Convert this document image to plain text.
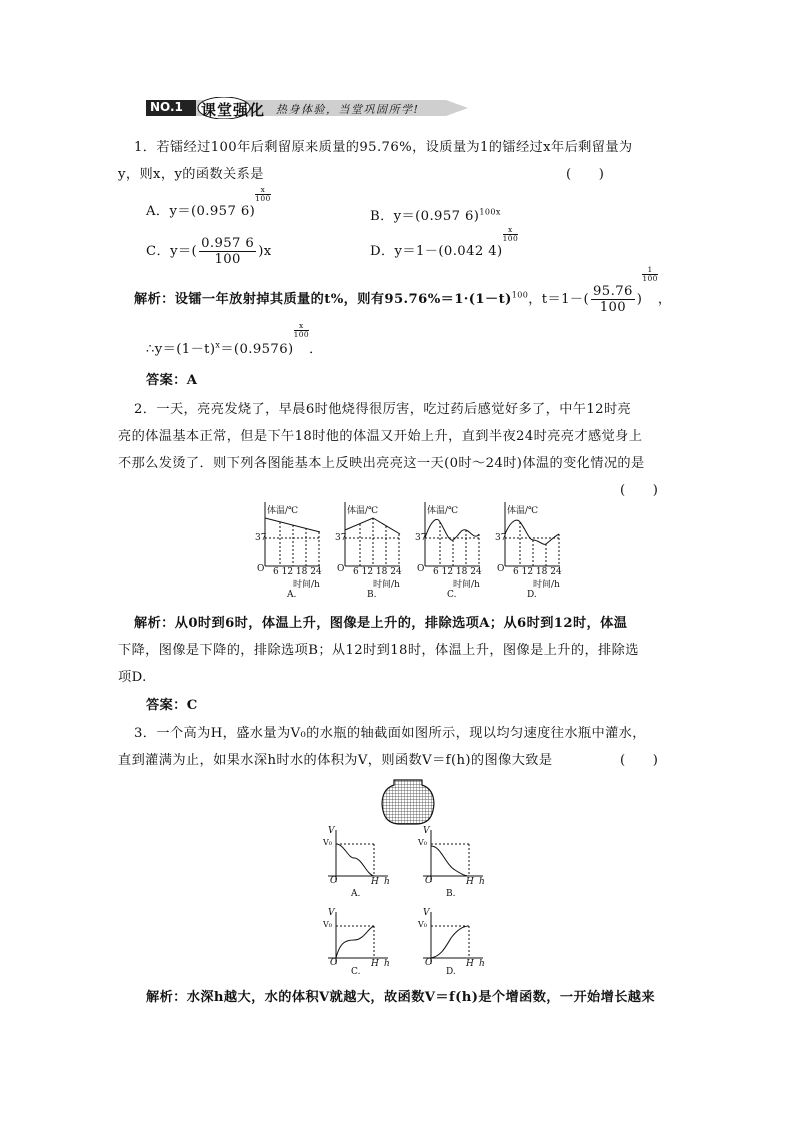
NO.1 课堂强化 热身体验，当堂巩固所学!
1．若镭经过100年后剩留原来质量的95.76%，设质量为1的镭经过x年后剩留量为
y，则x，y的函数关系是	(　　)
A．y＝(0.957 6)
$\frac{x}{100}$
B．y＝(0.957 6)$^{100x}$
C．$y=( \frac{0.957 6}{100} )x$	D．y＝1－(0.042 4)
$\frac{x}{100}$
解析：设镭一年放射掉其质量的t%，则有$95.76\%=1\cdot(1-t)^{100}$，$t=1-( \frac{95.76}{100}$ )
$\frac{1}{100}$
，
$\therefore y=(1-t)^x=(0.9576)$
$\frac{x}{100}$
．
答案：A
2．一天，亮亮发烧了，早晨6时他烧得很厉害，吃过药后感觉好多了，中午12时亮
亮的体温基本正常，但是下午18时他的体温又开始上升，直到半夜24时亮亮才感觉身上
不那么发烫了．则下列各图能基本上反映出亮亮这一天(0时～24时)体温的变化情况的是
(　　)
体温/℃
37
O 6 12 18 24
时间/h
A.
体温/℃
37
O 6 12 18 24
时间/h
B.
体温/℃
37
O 6 12 18 24
时间/h
C.
体温/℃
37
O 6 12 18 24
时间/h
D.
解析：从0时到6时，体温上升，图像是上升的，排除选项A；从6时到12时，体温
下降，图像是下降的，排除选项B；从12时到18时，体温上升，图像是上升的，排除选
项D.
答案：C
3．一个高为H，盛水量为V₀的水瓶的轴截面如图所示，现以均匀速度往水瓶中灌水，
直到灌满为止，如果水深h时水的体积为V，则函数V＝f(h)的图像大致是	(　　)
V
V₀
O	H h
A.
V
V₀
O	H h
B.
V
V₀
O	H h
C.
V
V₀
O	H h
D.
解析：水深h越大，水的体积V就越大，故函数V＝f(h)是个增函数，一开始增长越来
